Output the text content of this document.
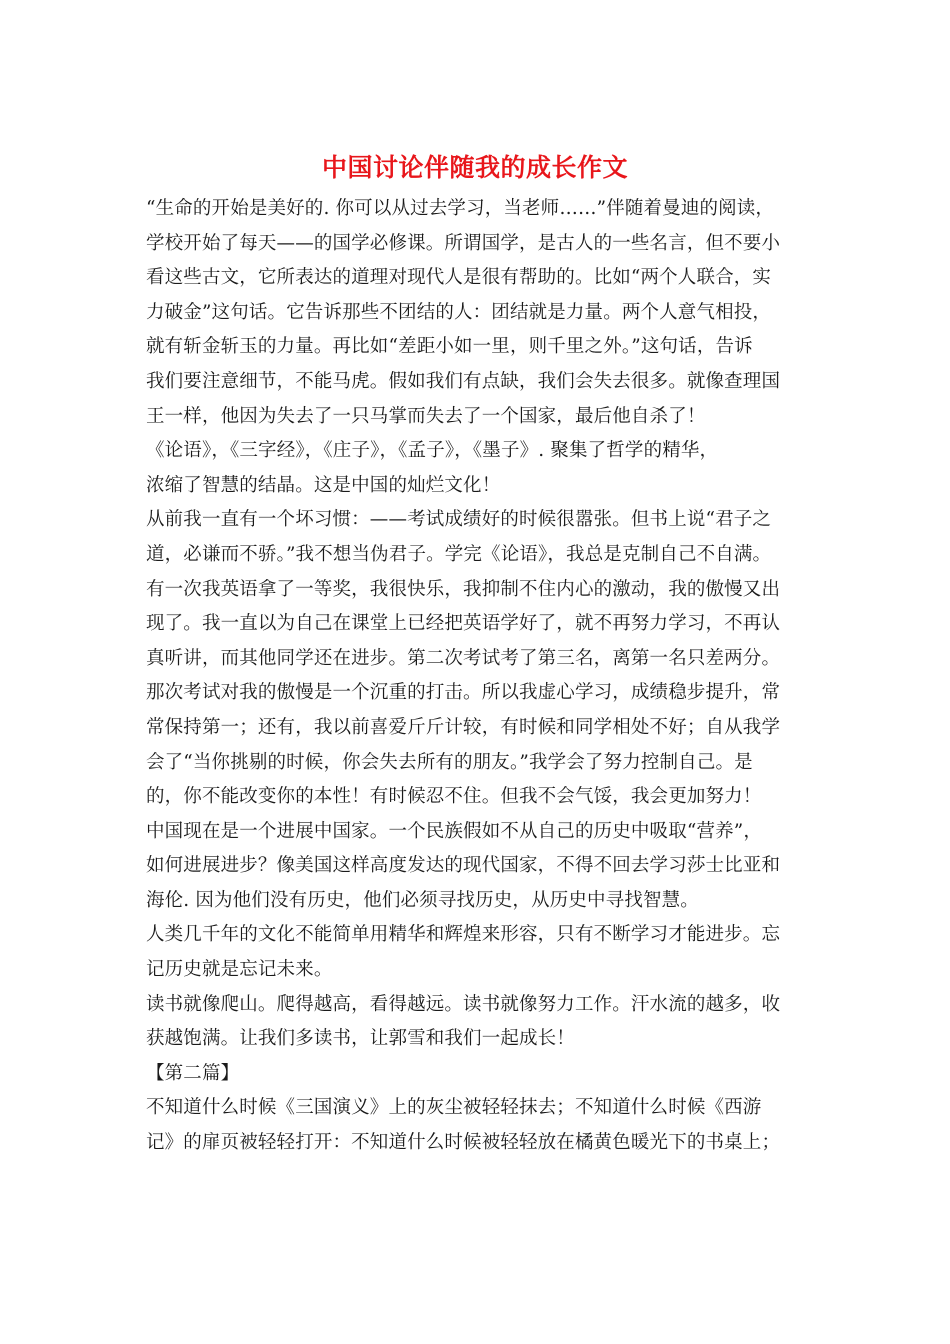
中国讨论伴随我的成长作文
“生命的开始是美好的. 你可以从过去学习，当老师……”伴随着曼迪的阅读，
学校开始了每天——的国学必修课。所谓国学，是古人的一些名言，但不要小
看这些古文，它所表达的道理对现代人是很有帮助的。比如“两个人联合，实
力破金”这句话。它告诉那些不团结的人：团结就是力量。两个人意气相投，
就有斩金斩玉的力量。再比如“差距小如一里，则千里之外。”这句话，告诉
我们要注意细节，不能马虎。假如我们有点缺，我们会失去很多。就像查理国
王一样，他因为失去了一只马掌而失去了一个国家，最后他自杀了！
《论语》，《三字经》，《庄子》，《孟子》，《墨子》. 聚集了哲学的精华，
浓缩了智慧的结晶。这是中国的灿烂文化！
从前我一直有一个坏习惯：——考试成绩好的时候很嚣张。但书上说“君子之
道，必谦而不骄。”我不想当伪君子。学完《论语》，我总是克制自己不自满。
有一次我英语拿了一等奖，我很快乐，我抑制不住内心的激动，我的傲慢又出
现了。我一直以为自己在课堂上已经把英语学好了，就不再努力学习，不再认
真听讲，而其他同学还在进步。第二次考试考了第三名，离第一名只差两分。
那次考试对我的傲慢是一个沉重的打击。所以我虚心学习，成绩稳步提升，常
常保持第一；还有，我以前喜爱斤斤计较，有时候和同学相处不好；自从我学
会了“当你挑剔的时候，你会失去所有的朋友。”我学会了努力控制自己。是
的，你不能改变你的本性！有时候忍不住。但我不会气馁，我会更加努力！
中国现在是一个进展中国家。一个民族假如不从自己的历史中吸取“营养”，
如何进展进步？像美国这样高度发达的现代国家，不得不回去学习莎士比亚和
海伦. 因为他们没有历史，他们必须寻找历史，从历史中寻找智慧。
人类几千年的文化不能简单用精华和辉煌来形容，只有不断学习才能进步。忘
记历史就是忘记未来。
读书就像爬山。爬得越高，看得越远。读书就像努力工作。汗水流的越多，收
获越饱满。让我们多读书，让郭雪和我们一起成长！
【第二篇】
不知道什么时候《三国演义》上的灰尘被轻轻抹去；不知道什么时候《西游
记》的扉页被轻轻打开：不知道什么时候被轻轻放在橘黄色暖光下的书桌上；
